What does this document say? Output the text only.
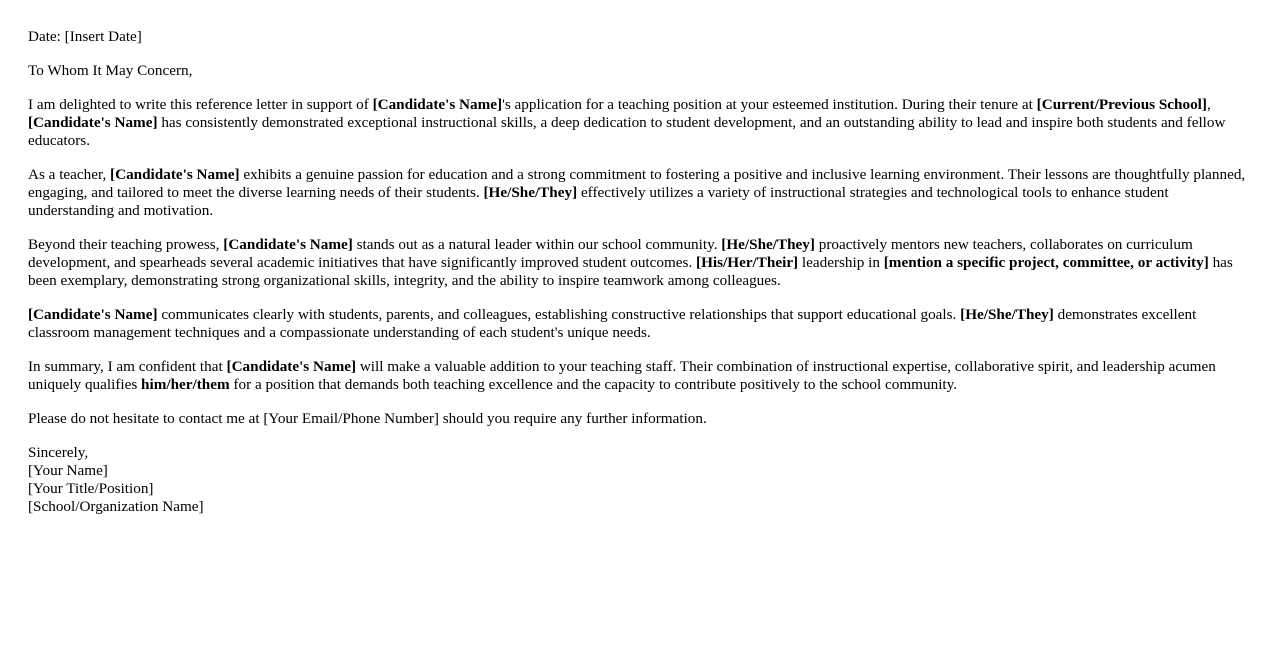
Date: [Insert Date]

To Whom It May Concern,

I am delighted to write this reference letter in support of [Candidate's Name]'s application for a teaching position at your esteemed institution. During their tenure at [Current/Previous School], [Candidate's Name] has consistently demonstrated exceptional instructional skills, a deep dedication to student development, and an outstanding ability to lead and inspire both students and fellow educators.

As a teacher, [Candidate's Name] exhibits a genuine passion for education and a strong commitment to fostering a positive and inclusive learning environment. Their lessons are thoughtfully planned, engaging, and tailored to meet the diverse learning needs of their students. [He/She/They] effectively utilizes a variety of instructional strategies and technological tools to enhance student understanding and motivation.

Beyond their teaching prowess, [Candidate's Name] stands out as a natural leader within our school community. [He/She/They] proactively mentors new teachers, collaborates on curriculum development, and spearheads several academic initiatives that have significantly improved student outcomes. [His/Her/Their] leadership in [mention a specific project, committee, or activity] has been exemplary, demonstrating strong organizational skills, integrity, and the ability to inspire teamwork among colleagues.

[Candidate's Name] communicates clearly with students, parents, and colleagues, establishing constructive relationships that support educational goals. [He/She/They] demonstrates excellent classroom management techniques and a compassionate understanding of each student's unique needs.

In summary, I am confident that [Candidate's Name] will make a valuable addition to your teaching staff. Their combination of instructional expertise, collaborative spirit, and leadership acumen uniquely qualifies him/her/them for a position that demands both teaching excellence and the capacity to contribute positively to the school community.

Please do not hesitate to contact me at [Your Email/Phone Number] should you require any further information.

Sincerely,
[Your Name]
[Your Title/Position]
[School/Organization Name]
